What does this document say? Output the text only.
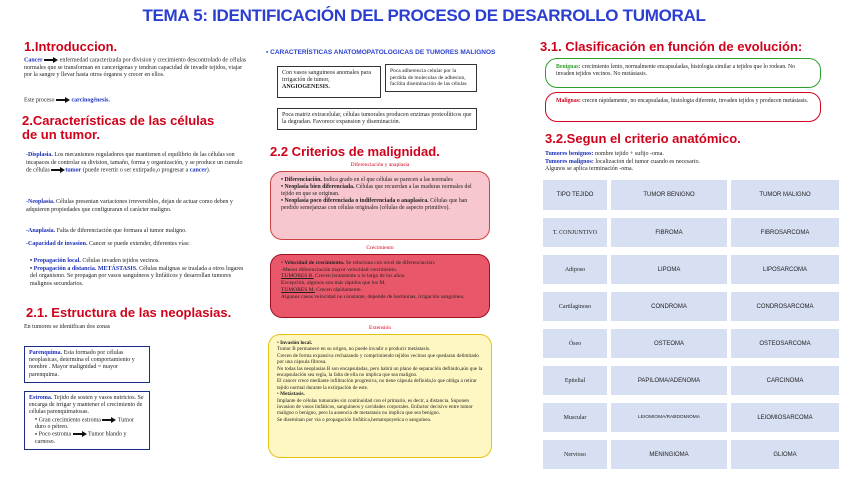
TEMA 5: IDENTIFICACIÓN DEL PROCESO DE DESARROLLO TUMORAL
1.Introduccion.
Cancer	enfermedad caracterizada por division y crecimiento descontrolado de células normales que se transforman en cancerígenas y tendran capacidad de invadir tejidos, viajar por la sangre y llevar hasta otros órganos y crecer en ellos.
Este proceso	carcinogénesis.
2.Características de las células
de un tumor.
-Displasia. Los mecanismos reguladores que mantienen el equilibrio de las células son incapaces de controlar su division, tamaño, forma y organización, y se produce un cumulo de células	tumor (puede revertir o ser extirpado,o progresar a cancer).
-Neoplasia. Células presentan variaciones irreversibles, dejan de actuar como deben y adquieren propiedades que configuraran el carácter maligno.
-Anaplasia. Falta de diferenciación que formara al tumor maligno.
-Capacidad de invasion. Cancer se puede extender, diferentes vías:
• Propagación local. Células invaden tejidos vecinos.
• Propagación a distancia. METÁSTASIS. Células malignas se traslada a otros lugares del organismo. Se propagan por vasos sanguíneos y linfáticos y desarrollan tumores malignos secundarios.
2.1. Estructura de las neoplasias.
En tumores se identifican dos zonas
Parenquima. Esta formado por células neoplasicas, determina el comportamiento y nombre . Mayor malignidad = mayor parenquima.
Estroma. Tejido de sosten y vasos nutricios. Se encarga de irrigar y mantener el crecimiento de células parenquimatosas.
• Gran crecimiento estroma	Tumor duro o pétreo.
• Poco estroma	Tumor blando y carnoso.
▪ CARACTERÍSTICAS ANATOMOPATOLOGICAS DE TUMORES MALIGNOS
Con vasos sanguineos anomales para irrigación de tumor, ANGIOGENESIS.
Poca adherencia celular por la perdida de moleculas de adhesion, facilita diseminación de las células
Poca matriz extracelular, células tumorales producen enzimas proteolíticos que la degradan. Favorece expansion y diseminación.
2.2 Criterios de malignidad.
Diferenciación y anaplasia
• Diferenciación. Indica grado en el que células se parecen a las normales
• Neoplasia bien diferenciada. Células que recuerdan a las maduras normales del tejido en que se originan.
• Neoplasia poco diferenciada o indiferenciada o anaplasica. Células que han perdido semejanzas con células originales (células de aspecto primitivo).
Crecimiento
• Velocidad de crecimiento. Se relaciona con nivel de diferenciación:
-Menor diferenciación mayor velocidad crecimiento.
TUMORES B. Crecen lentamente a lo largo de los años.
Excepción, algunos son más rápidos que los M.
TUMORES M. Crecen rápidamente.
Algunos casos velocidad no constante, depende de hormonas, irrigación sanguínea.
Extensión
• Invasión local.
Tumor B permanece en su origen, no puede invadir o producir metástasis.
Crecen de forma expansiva rechazando y comprimiendo tejidos vecinos que quedaran delimitado por una cápsula fibrosa.
No todas las neoplasias B son encapsuladas, pero habrá un plano de separación definido,aún que la encapsulación sea regla, la falta de ella no implica que sea maligno.
El cancer crece mediante infiltración progresiva, no tiene cápsula definida,lo que obliga a retirar tejido normal durante la extirpación de este.
• Metástasis.
Implante de células tumorales sin continuidad con el primario, es decir, a distancia. Suponen invasion de vasos linfáticos, sanguíneos y cavidades corporales. Enfactor decisivo entre tumor maligno o benigno, pero la ausencia de metastasis no implica que sea benigno.
Se diseminan por via o propagación linfática,hematopoyetica o sanguínea.
3.1. Clasificación en función de evolución:
Benignas: crecimiento lento, normalmente encapsuladas, histologia similar a tejidos que lo rodean. No invaden tejidos vecinos. No metástasis.
Malignas: crecen rápidamente, no encapsuladas, histologia diferente, invaden tejidos y producen metástasis.
3.2.Segun el criterio anatómico.
Tumores benignos: nombre tejido + sufijo -oma.
Tumores malignos: localizacion del tumor cuando es necesario.
Algunos se aplica terminación -oma.
TIPO TEJIDO	TUMOR BENIGNO	TUMOR MALIGNO
T. CONJUNTIVO	FIBROMA	FIBROSARCOMA
Adiposo	LIPOMA	LIPOSARCOMA
Cartilaginoso	CONDROMA	CONDROSARCOMA
Óseo	OSTEOMA	OSTEOSARCOMA
Epitelial	PAPILOMA/ADENOMA	CARCINOMA
Muscular	LEIOMIOMA/RABDOMIOMA	LEIOMIOSARCOMA
Nervioso	MENINGIOMA	GLIOMA
